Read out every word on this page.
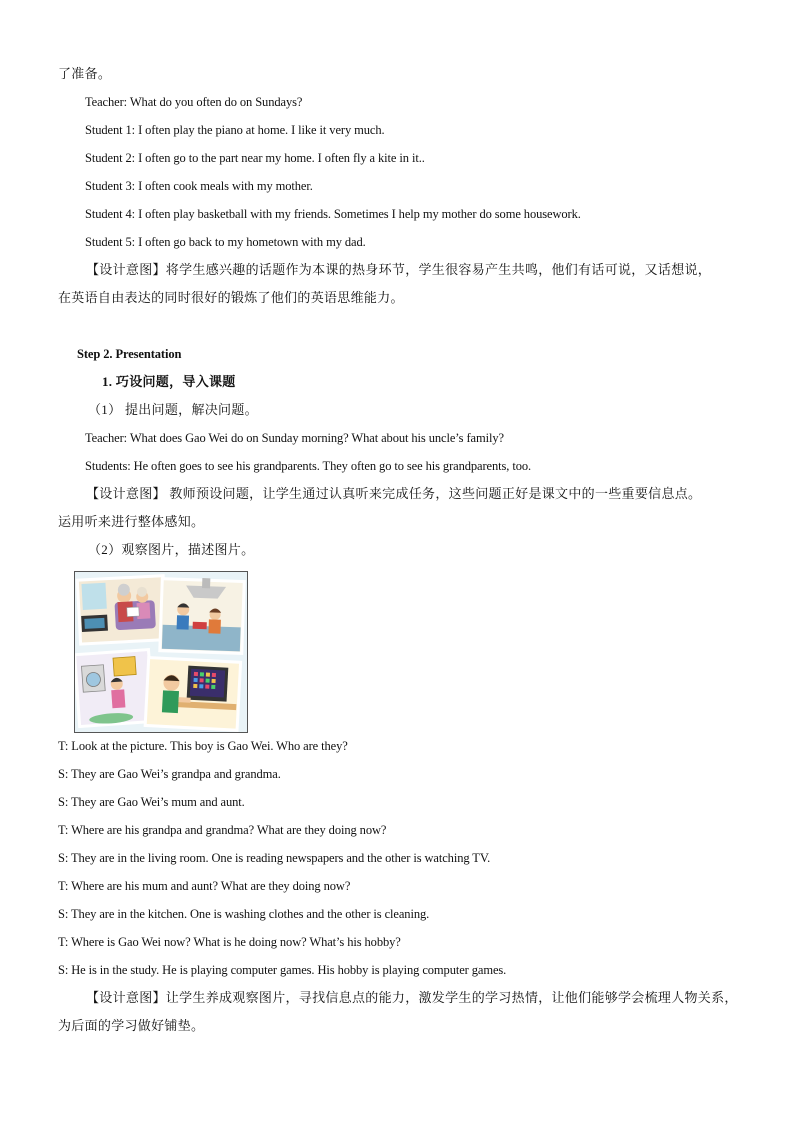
了准备。
Teacher: What do you often do on Sundays?
Student 1: I often play the piano at home. I like it very much.
Student 2: I often go to the part near my home. I often fly a kite in it..
Student 3: I often cook meals with my mother.
Student 4: I often play basketball with my friends. Sometimes I help my mother do some housework.
Student 5: I often go back to my hometown with my dad.
【设计意图】将学生感兴趣的话题作为本课的热身环节，学生很容易产生共鸣，他们有话可说，又话想说，
在英语自由表达的同时很好的锻炼了他们的英语思维能力。
Step 2. Presentation
1. 巧设问题，导入课题
（1） 提出问题，解决问题。
Teacher: What does Gao Wei do on Sunday morning? What about his uncle’s family?
Students: He often goes to see his grandparents. They often go to see his grandparents, too.
【设计意图】 教师预设问题，让学生通过认真听来完成任务，这些问题正好是课文中的一些重要信息点。
运用听来进行整体感知。
（2）观察图片，描述图片。
T: Look at the picture. This boy is Gao Wei. Who are they?
S: They are Gao Wei’s grandpa and grandma.
S: They are Gao Wei’s mum and aunt.
T: Where are his grandpa and grandma? What are they doing now?
S: They are in the living room. One is reading newspapers and the other is watching TV.
T: Where are his mum and aunt? What are they doing now?
S: They are in the kitchen. One is washing clothes and the other is cleaning.
T: Where is Gao Wei now? What is he doing now? What’s his hobby?
S: He is in the study. He is playing computer games. His hobby is playing computer games.
【设计意图】让学生养成观察图片，寻找信息点的能力，激发学生的学习热情，让他们能够学会梳理人物关系，
为后面的学习做好铺垫。
